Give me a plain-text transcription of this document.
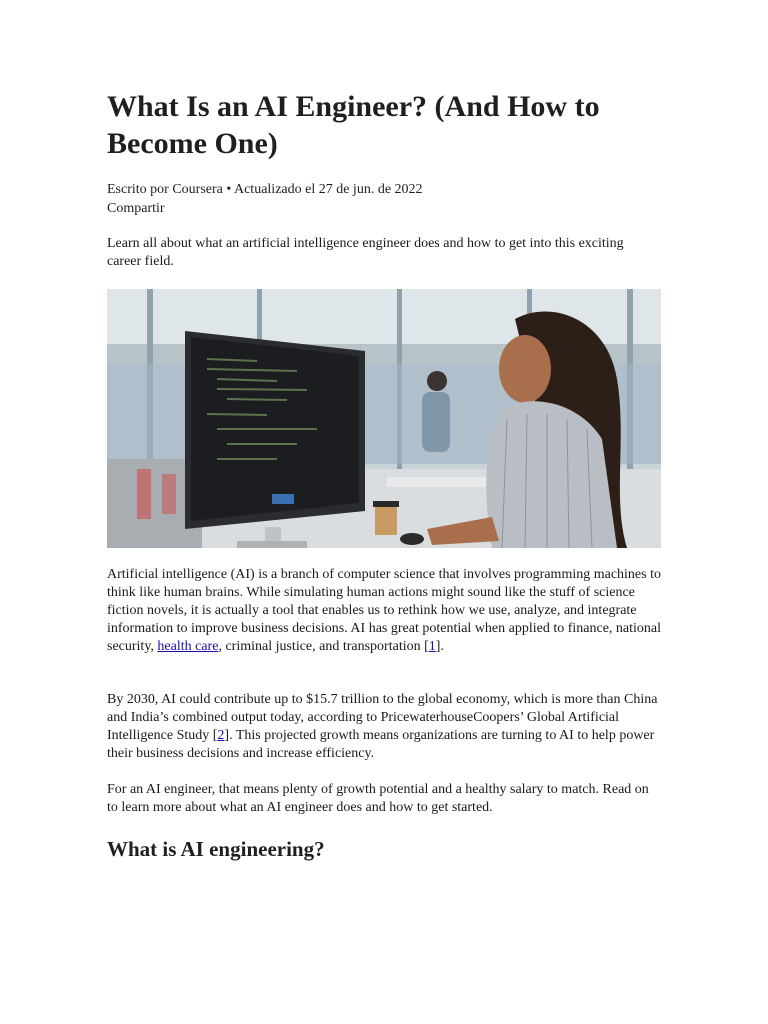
What Is an AI Engineer? (And How to Become One)
Escrito por Coursera • Actualizado el 27 de jun. de 2022
Compartir

Learn all about what an artificial intelligence engineer does and how to get into this exciting career field.

Artificial intelligence (AI) is a branch of computer science that involves programming machines to think like human brains. While simulating human actions might sound like the stuff of science fiction novels, it is actually a tool that enables us to rethink how we use, analyze, and integrate information to improve business decisions. AI has great potential when applied to finance, national security, health care, criminal justice, and transportation [1].

By 2030, AI could contribute up to $15.7 trillion to the global economy, which is more than China and India’s combined output today, according to PricewaterhouseCoopers’ Global Artificial Intelligence Study [2]. This projected growth means organizations are turning to AI to help power their business decisions and increase efficiency.

For an AI engineer, that means plenty of growth potential and a healthy salary to match. Read on to learn more about what an AI engineer does and how to get started.

What is AI engineering?
